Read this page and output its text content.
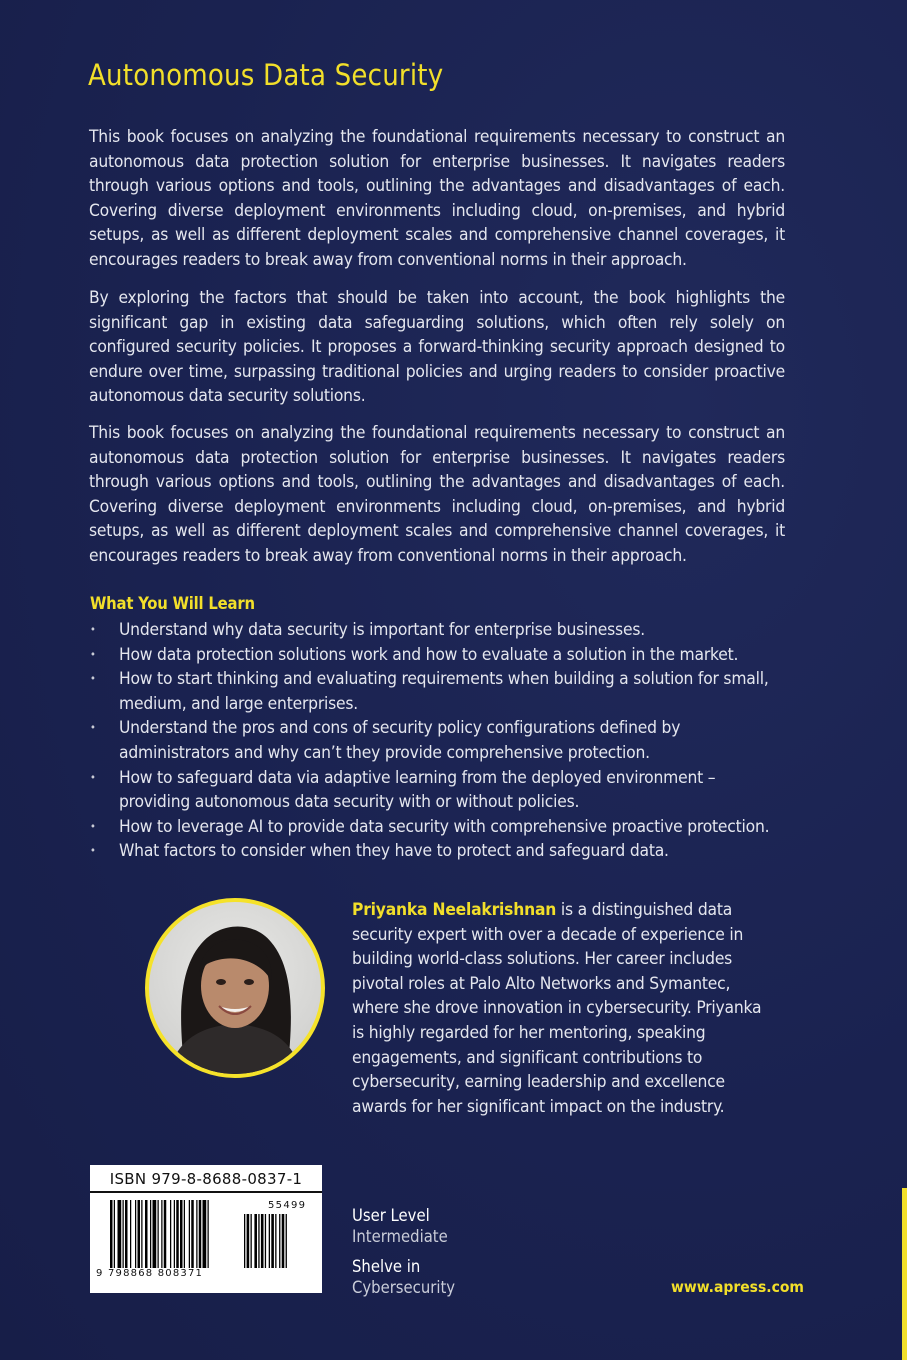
Autonomous Data Security

This book focuses on analyzing the foundational requirements necessary to construct an autonomous data protection solution for enterprise businesses. It navigates readers through various options and tools, outlining the advantages and disadvantages of each. Covering diverse deployment environments including cloud, on-premises, and hybrid setups, as well as different deployment scales and comprehensive channel coverages, it encourages readers to break away from conventional norms in their approach.

By exploring the factors that should be taken into account, the book highlights the significant gap in existing data safeguarding solutions, which often rely solely on configured security policies. It proposes a forward-thinking security approach designed to endure over time, surpassing traditional policies and urging readers to consider proactive autonomous data security solutions.

This book focuses on analyzing the foundational requirements necessary to construct an autonomous data protection solution for enterprise businesses. It navigates readers through various options and tools, outlining the advantages and disadvantages of each. Covering diverse deployment environments including cloud, on-premises, and hybrid setups, as well as different deployment scales and comprehensive channel coverages, it encourages readers to break away from conventional norms in their approach.

What You Will Learn
• Understand why data security is important for enterprise businesses.
• How data protection solutions work and how to evaluate a solution in the market.
• How to start thinking and evaluating requirements when building a solution for small, medium, and large enterprises.
• Understand the pros and cons of security policy configurations defined by administrators and why can’t they provide comprehensive protection.
• How to safeguard data via adaptive learning from the deployed environment – providing autonomous data security with or without policies.
• How to leverage AI to provide data security with comprehensive proactive protection.
• What factors to consider when they have to protect and safeguard data.

Priyanka Neelakrishnan is a distinguished data security expert with over a decade of experience in building world-class solutions. Her career includes pivotal roles at Palo Alto Networks and Symantec, where she drove innovation in cybersecurity. Priyanka is highly regarded for her mentoring, speaking engagements, and significant contributions to cybersecurity, earning leadership and excellence awards for her significant impact on the industry.

ISBN 979-8-8688-0837-1
9 798868 808371
55499

User Level

Intermediate

Shelve in

Cybersecurity	www.apress.com
